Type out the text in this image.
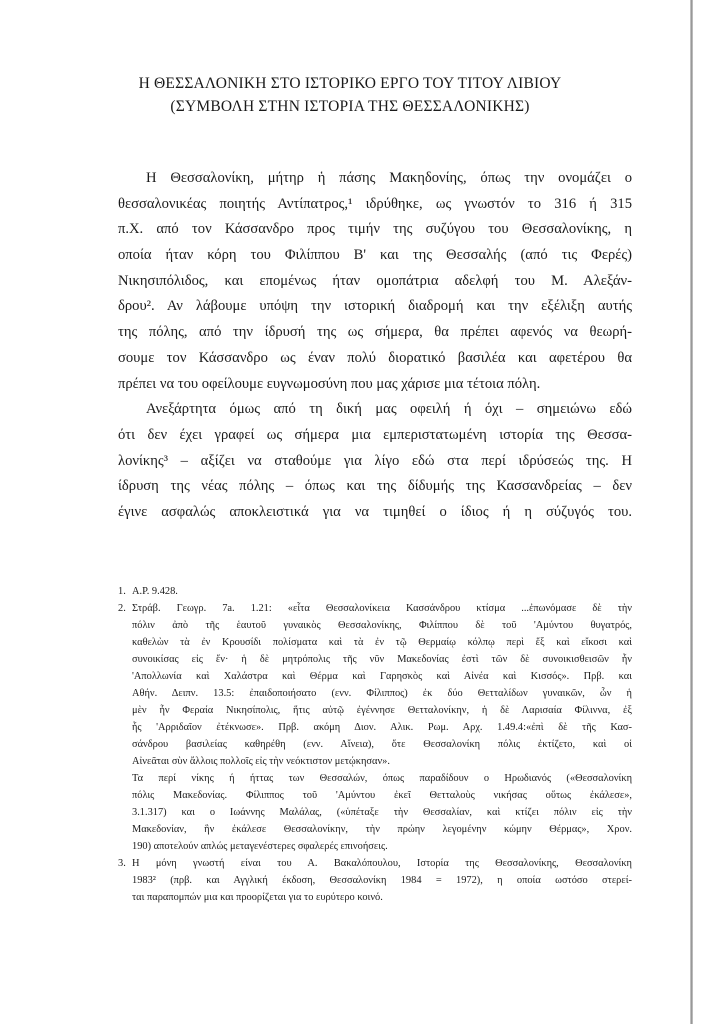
Η ΘΕΣΣΑΛΟΝΙΚΗ ΣΤΟ ΙΣΤΟΡΙΚΟ ΕΡΓΟ ΤΟΥ ΤΙΤΟΥ ΛΙΒΙΟΥ
(ΣΥΜΒΟΛΗ ΣΤΗΝ ΙΣΤΟΡΙΑ ΤΗΣ ΘΕΣΣΑΛΟΝΙΚΗΣ)
Η Θεσσαλονίκη, μήτηρ ἡ πάσης Μακηδονίης, όπως την ονομάζει ο
θεσσαλονικέας ποιητής Αντίπατρος,¹ ιδρύθηκε, ως γνωστόν το 316 ή 315
π.Χ. από τον Κάσσανδρο προς τιμήν της συζύγου του Θεσσαλονίκης, η
οποία ήταν κόρη του Φιλίππου Β' και της Θεσσαλής (από τις Φερές)
Νικησιπόλιδος, και επομένως ήταν ομοπάτρια αδελφή του Μ. Αλεξάν-
δρου². Αν λάβουμε υπόψη την ιστορική διαδρομή και την εξέλιξη αυτής
της πόλης, από την ίδρυσή της ως σήμερα, θα πρέπει αφενός να θεωρή-
σουμε τον Κάσσανδρο ως έναν πολύ διορατικό βασιλέα και αφετέρου θα
πρέπει να του οφείλουμε ευγνωμοσύνη που μας χάρισε μια τέτοια πόλη.
Ανεξάρτητα όμως από τη δική μας οφειλή ή όχι – σημειώνω εδώ
ότι δεν έχει γραφεί ως σήμερα μια εμπεριστατωμένη ιστορία της Θεσσα-
λονίκης³ – αξίζει να σταθούμε για λίγο εδώ στα περί ιδρύσεώς της. Η
ίδρυση της νέας πόλης – όπως και της δίδυμής της Κασσανδρείας – δεν
έγινε ασφαλώς αποκλειστικά για να τιμηθεί ο ίδιος ή η σύζυγός του.
1. A.P. 9.428.
2. Στράβ. Γεωγρ. 7a. 1.21: «εἶτα Θεσσαλονίκεια Κασσάνδρου κτίσμα ...ἐπωνόμασε δὲ τὴν
πόλιν ἀπὸ τῆς ἑαυτοῦ γυναικὸς Θεσσαλονίκης, Φιλίππου δὲ τοῦ 'Αμύντου θυγατρός,
καθελὼν τὰ ἐν Κρουσίδι πολίσματα καὶ τὰ ἐν τῷ Θερμαίῳ κόλπῳ περὶ ἕξ καὶ εἴκοσι καὶ
συνοικίσας εἰς ἕν· ἡ δὲ μητρόπολις τῆς νῦν Μακεδονίας ἐστὶ τῶν δὲ συνοικισθεισῶν ἦν
'Απολλωνία καὶ Χαλάστρα καὶ Θέρμα καὶ Γαρησκὸς καὶ Αἰνέα καὶ Κισσός». Πρβ. και
Αθήν. Δειπν. 13.5: ἐπαιδοποιήσατο (ενν. Φίλιππος) ἐκ δύο Θετταλίδων γυναικῶν, ὧν ἡ
μὲν ἦν Φεραία Νικησίπολις, ἥτις αὐτῷ ἐγέννησε Θετταλονίκην, ἡ δὲ Λαρισαία Φίλιννα, ἐξ
ἧς 'Αρριδαῖον ἐτέκνωσε». Πρβ. ακόμη Διον. Αλικ. Ρωμ. Αρχ. 1.49.4:«ἐπὶ δὲ τῆς Κασ-
σάνδρου βασιλείας καθηρέθη (ενν. Αἴνεια), ὅτε Θεσσαλονίκη πόλις ἐκτίζετο, καὶ οἱ
Αἰνεᾶται σὺν ἄλλοις πολλοῖς εἰς τὴν νεόκτιστον μετῴκησαν».
Τα περί νίκης ή ήττας των Θεσσαλών, όπως παραδίδουν ο Ηρωδιανός («Θεσσαλονίκη
πόλις Μακεδονίας. Φίλιππος τοῦ 'Αμύντου ἐκεῖ Θετταλοὺς νικήσας οὕτως ἐκάλεσε»,
3.1.317) και ο Ιωάννης Μαλάλας, («ὑπέταξε τὴν Θεσσαλίαν, καὶ κτίζει πόλιν εἰς τὴν
Μακεδονίαν, ἣν ἐκάλεσε Θεσσαλονίκην, τὴν πρώην λεγομένην κώμην Θέρμας», Χρον.
190) αποτελούν απλώς μεταγενέστερες σφαλερές επινοήσεις.
3. Η μόνη γνωστή είναι του Α. Βακαλόπουλου, Ιστορία της Θεσσαλονίκης, Θεσσαλονίκη
1983² (πρβ. και Αγγλική έκδοση, Θεσσαλονίκη 1984 = 1972), η οποία ωστόσο στερεί-
ται παραπομπών μια και προορίζεται για το ευρύτερο κοινό.
